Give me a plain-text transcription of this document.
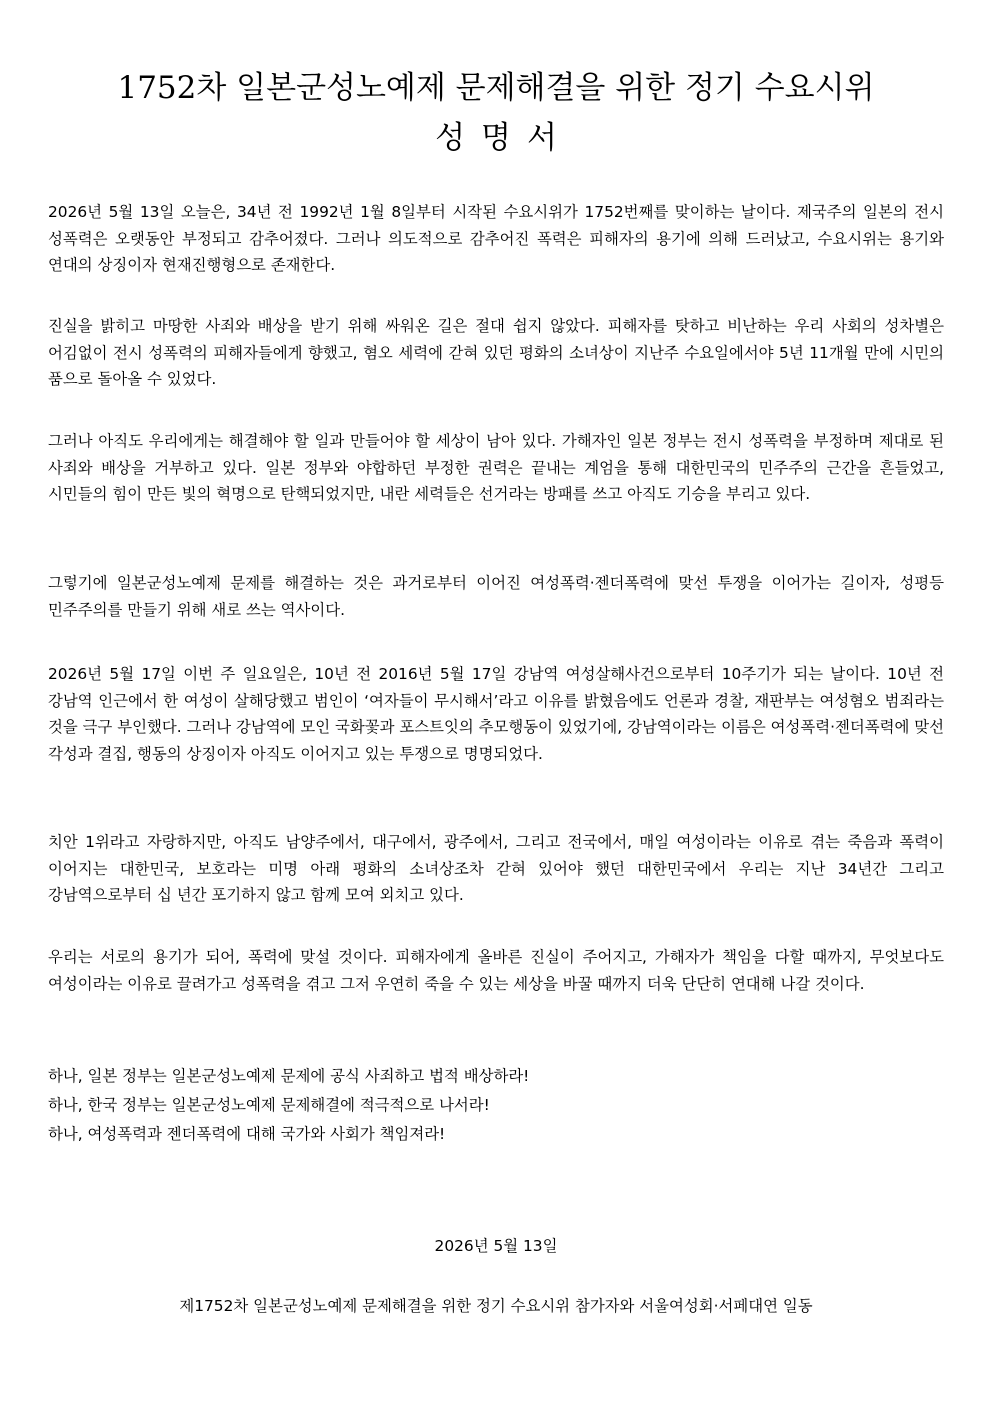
1752차 일본군성노예제 문제해결을 위한 정기 수요시위
성명서

2026년 5월 13일 오늘은, 34년 전 1992년 1월 8일부터 시작된 수요시위가 1752번째를 맞이하는 날이다. 제국주의 일본의 전시 성폭력은 오랫동안 부정되고 감추어졌다. 그러나 의도적으로 감추어진 폭력은 피해자의 용기에 의해 드러났고, 수요시위는 용기와 연대의 상징이자 현재진행형으로 존재한다.

진실을 밝히고 마땅한 사죄와 배상을 받기 위해 싸워온 길은 절대 쉽지 않았다. 피해자를 탓하고 비난하는 우리 사회의 성차별은 어김없이 전시 성폭력의 피해자들에게 향했고, 혐오 세력에 갇혀 있던 평화의 소녀상이 지난주 수요일에서야 5년 11개월 만에 시민의 품으로 돌아올 수 있었다.

그러나 아직도 우리에게는 해결해야 할 일과 만들어야 할 세상이 남아 있다. 가해자인 일본 정부는 전시 성폭력을 부정하며 제대로 된 사죄와 배상을 거부하고 있다. 일본 정부와 야합하던 부정한 권력은 끝내는 계엄을 통해 대한민국의 민주주의 근간을 흔들었고, 시민들의 힘이 만든 빛의 혁명으로 탄핵되었지만, 내란 세력들은 선거라는 방패를 쓰고 아직도 기승을 부리고 있다.

그렇기에 일본군성노예제 문제를 해결하는 것은 과거로부터 이어진 여성폭력·젠더폭력에 맞선 투쟁을 이어가는 길이자, 성평등 민주주의를 만들기 위해 새로 쓰는 역사이다.

2026년 5월 17일 이번 주 일요일은, 10년 전 2016년 5월 17일 강남역 여성살해사건으로부터 10주기가 되는 날이다. 10년 전 강남역 인근에서 한 여성이 살해당했고 범인이 ‘여자들이 무시해서’라고 이유를 밝혔음에도 언론과 경찰, 재판부는 여성혐오 범죄라는 것을 극구 부인했다. 그러나 강남역에 모인 국화꽃과 포스트잇의 추모행동이 있었기에, 강남역이라는 이름은 여성폭력·젠더폭력에 맞선 각성과 결집, 행동의 상징이자 아직도 이어지고 있는 투쟁으로 명명되었다.

치안 1위라고 자랑하지만, 아직도 남양주에서, 대구에서, 광주에서, 그리고 전국에서, 매일 여성이라는 이유로 겪는 죽음과 폭력이 이어지는 대한민국, 보호라는 미명 아래 평화의 소녀상조차 갇혀 있어야 했던 대한민국에서 우리는 지난 34년간 그리고 강남역으로부터 십 년간 포기하지 않고 함께 모여 외치고 있다.

우리는 서로의 용기가 되어, 폭력에 맞설 것이다. 피해자에게 올바른 진실이 주어지고, 가해자가 책임을 다할 때까지, 무엇보다도 여성이라는 이유로 끌려가고 성폭력을 겪고 그저 우연히 죽을 수 있는 세상을 바꿀 때까지 더욱 단단히 연대해 나갈 것이다.

하나, 일본 정부는 일본군성노예제 문제에 공식 사죄하고 법적 배상하라!
하나, 한국 정부는 일본군성노예제 문제해결에 적극적으로 나서라!
하나, 여성폭력과 젠더폭력에 대해 국가와 사회가 책임져라!

2026년 5월 13일

제1752차 일본군성노예제 문제해결을 위한 정기 수요시위 참가자와 서울여성회·서페대연 일동
